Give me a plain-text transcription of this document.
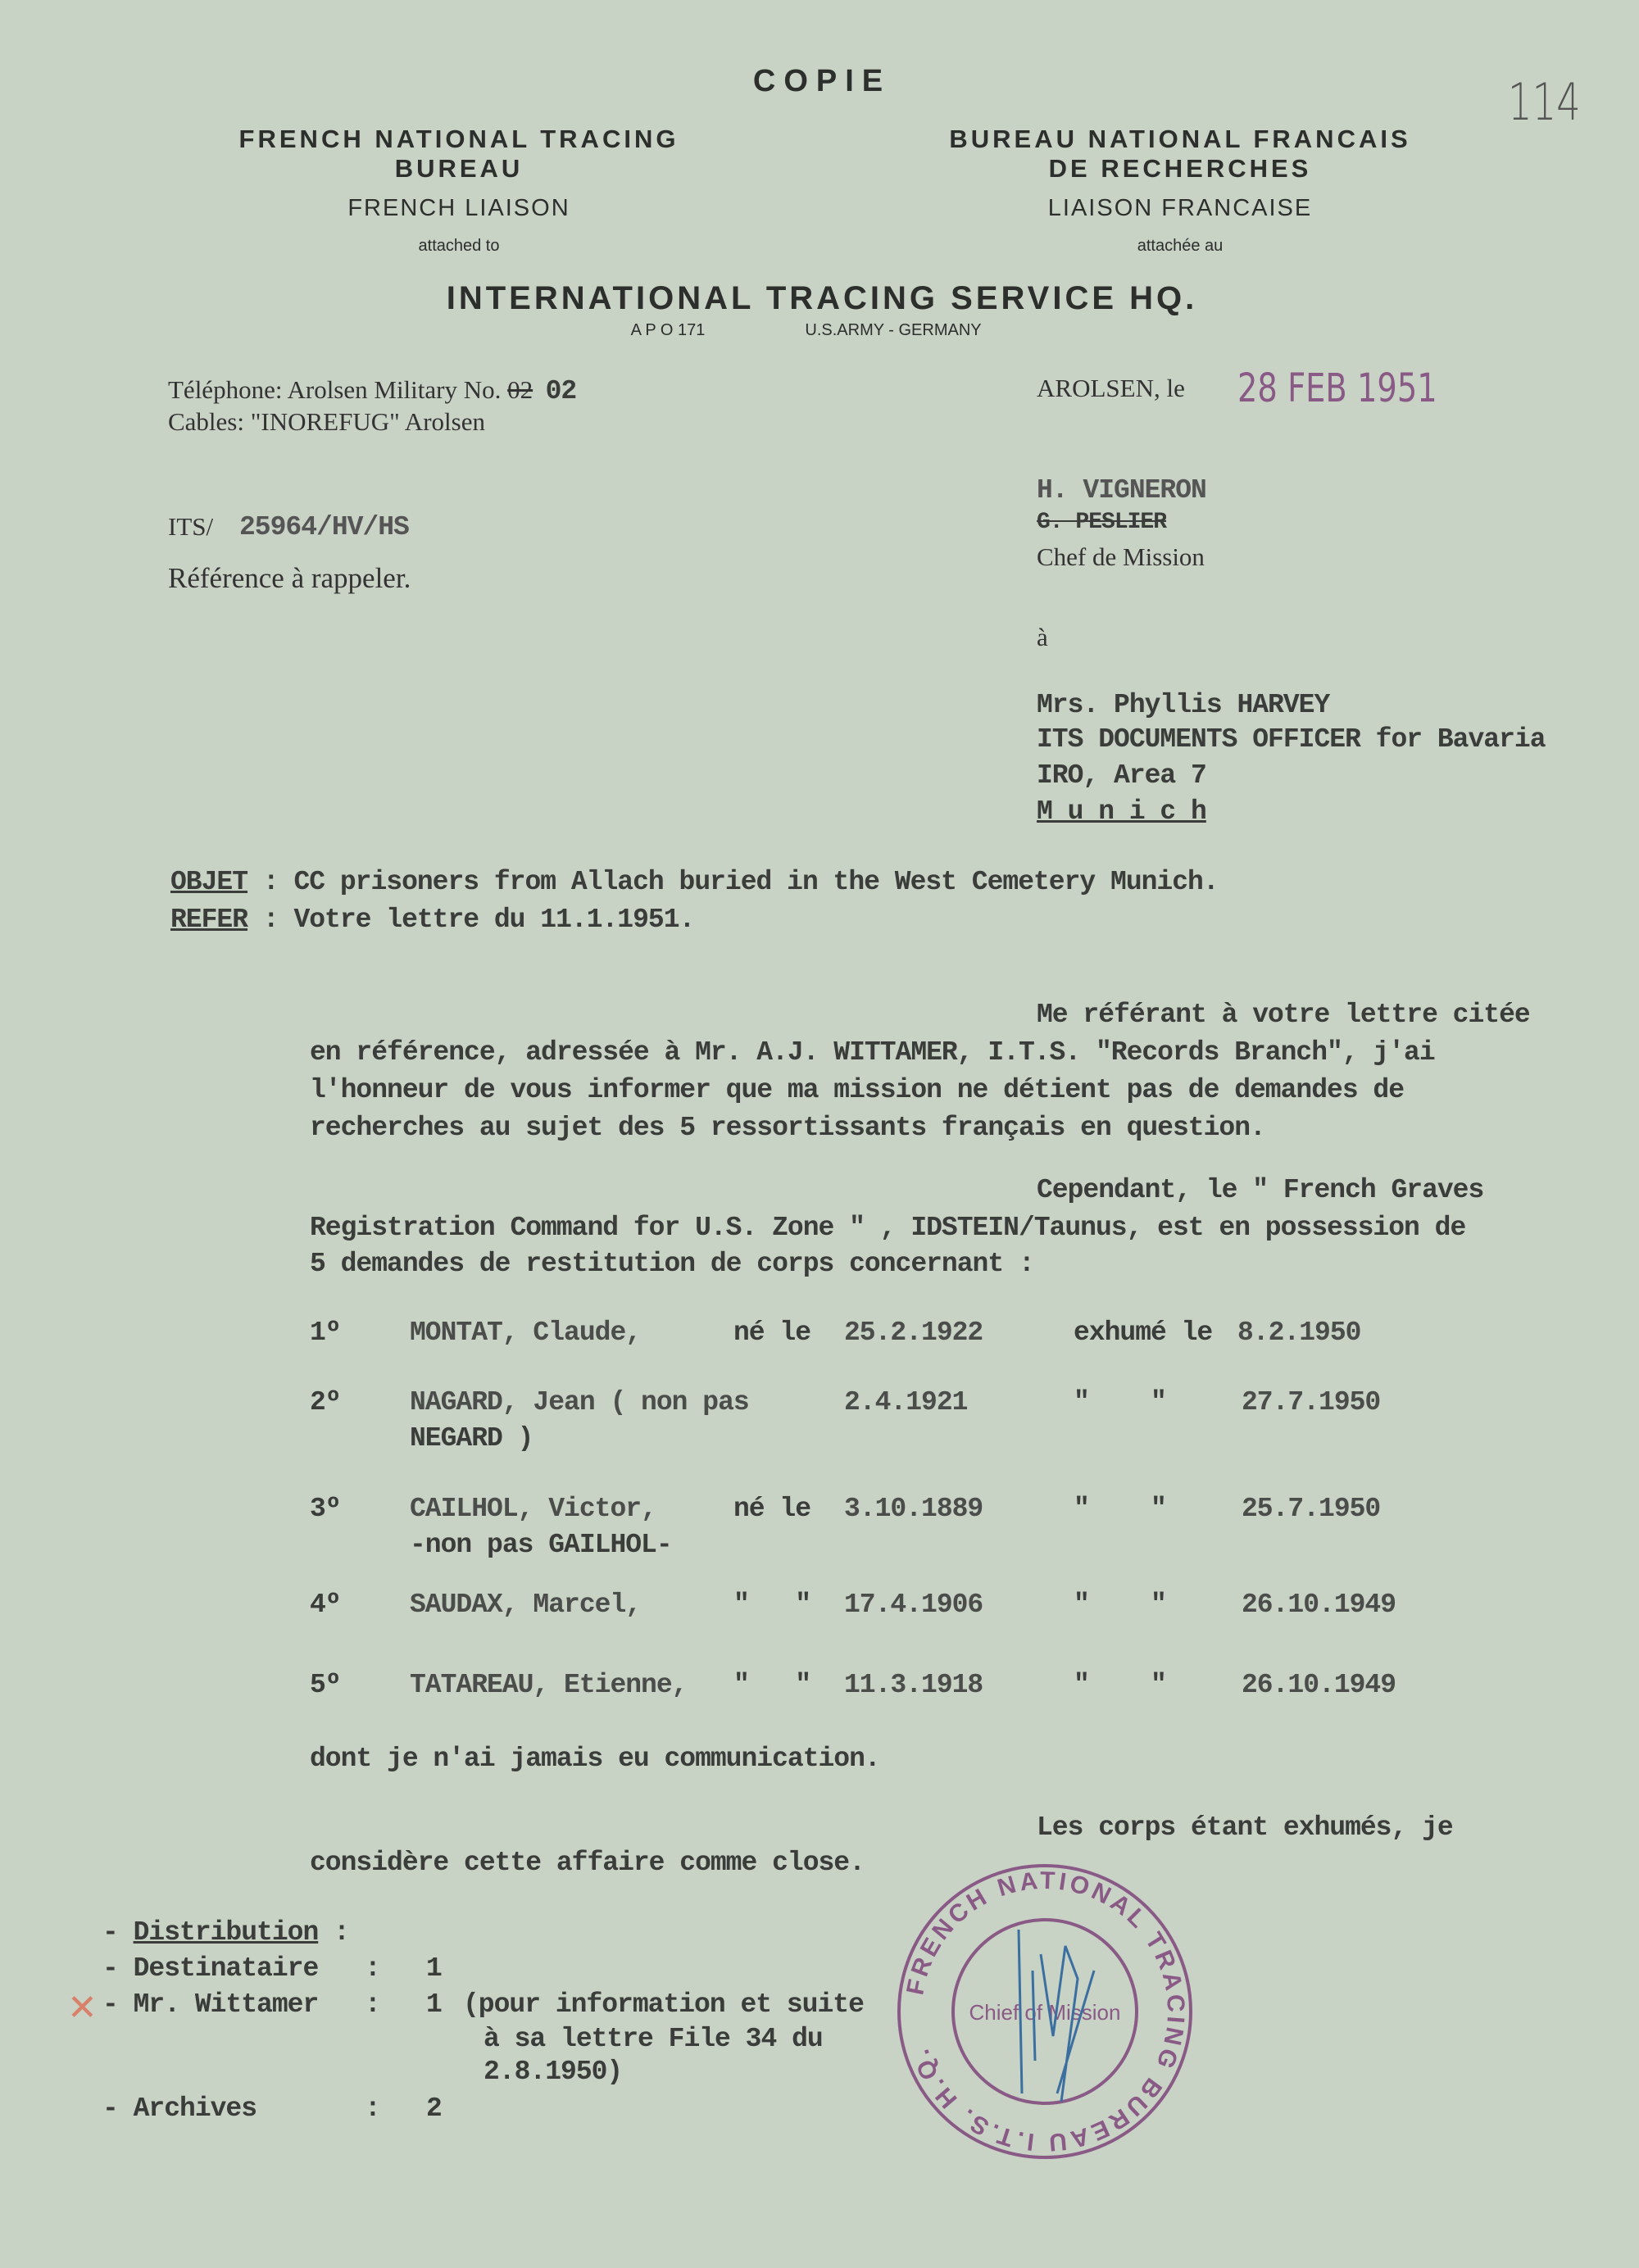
COPIE	114
FRENCH NATIONAL TRACING
BUREAU
FRENCH LIAISON
attached to
BUREAU NATIONAL FRANCAIS
DE RECHERCHES
LIAISON FRANCAISE
attachée au
INTERNATIONAL TRACING SERVICE HQ.
A P O 171	U.S.ARMY - GERMANY
Téléphone: Arolsen Military No. 02 02
Cables: "INOREFUG" Arolsen
AROLSEN, le 28 FEB 1951
ITS/ 25964/HV/HS
Référence à rappeler.
H. VIGNERON
G. PESLIER
Chef de Mission
à
Mrs. Phyllis HARVEY
ITS DOCUMENTS OFFICER for Bavaria
IRO, Area 7
M u n i c h
OBJET : CC prisoners from Allach buried in the West Cemetery Munich.
REFER : Votre lettre du 11.1.1951.
Me référant à votre lettre citée
en référence, adressée à Mr. A.J. WITTAMER, I.T.S. "Records Branch", j'ai
l'honneur de vous informer que ma mission ne détient pas de demandes de
recherches au sujet des 5 ressortissants français en question.
Cependant, le " French Graves
Registration Command for U.S. Zone " , IDSTEIN/Taunus, est en possession de
5 demandes de restitution de corps concernant :
1º	MONTAT, Claude,	né le 25.2.1922	exhumé le 8.2.1950
2º	NAGARD, Jean ( non pas	2.4.1921	"    "	27.7.1950
NEGARD )
3º	CAILHOL, Victor,	né le 3.10.1889	"    "	25.7.1950
-non pas GAILHOL-
4º	SAUDAX, Marcel,	"   " 17.4.1906	"    "	26.10.1949
5º	TATAREAU, Etienne, "   " 11.3.1918	"    "	26.10.1949
dont je n'ai jamais eu communication.
Les corps étant exhumés, je
considère cette affaire comme close.
- Distribution :
- Destinataire : 1
- Mr. Wittamer : 1
- Archives	: 2
✕	(pour information et suite
à sa lettre File 34 du
2.8.1950)
FRENCH NATIONAL TRACING BUREAU I.T.S. H.Q.
Chief of Mission
